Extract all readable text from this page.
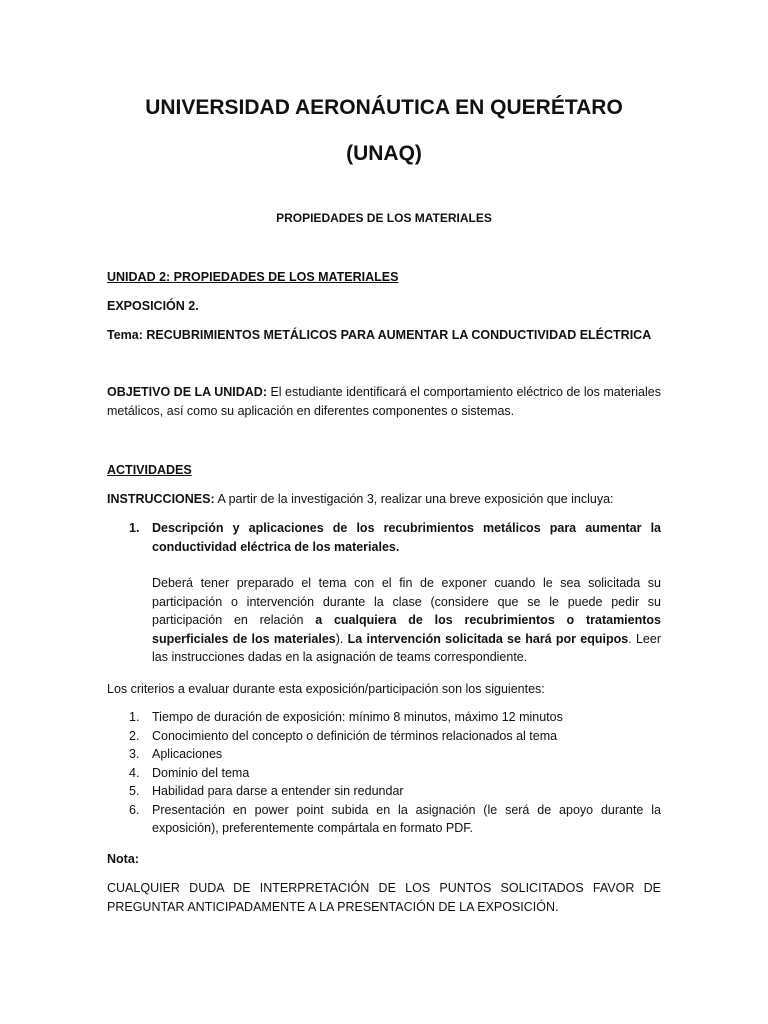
UNIVERSIDAD AERONÁUTICA EN QUERÉTARO
(UNAQ)
PROPIEDADES DE LOS MATERIALES
UNIDAD 2: PROPIEDADES DE LOS MATERIALES
EXPOSICIÓN 2.
Tema: RECUBRIMIENTOS METÁLICOS PARA AUMENTAR LA CONDUCTIVIDAD ELÉCTRICA
OBJETIVO DE LA UNIDAD: El estudiante identificará el comportamiento eléctrico de los materiales metálicos, así como su aplicación en diferentes componentes o sistemas.
ACTIVIDADES
INSTRUCCIONES: A partir de la investigación 3, realizar una breve exposición que incluya:
1. Descripción y aplicaciones de los recubrimientos metálicos para aumentar la conductividad eléctrica de los materiales.
Deberá tener preparado el tema con el fin de exponer cuando le sea solicitada su participación o intervención durante la clase (considere que se le puede pedir su participación en relación a cualquiera de los recubrimientos o tratamientos superficiales de los materiales). La intervención solicitada se hará por equipos. Leer las instrucciones dadas en la asignación de teams correspondiente.
Los criterios a evaluar durante esta exposición/participación son los siguientes:
1. Tiempo de duración de exposición: mínimo 8 minutos, máximo 12 minutos
2. Conocimiento del concepto o definición de términos relacionados al tema
3. Aplicaciones
4. Dominio del tema
5. Habilidad para darse a entender sin redundar
6. Presentación en power point subida en la asignación (le será de apoyo durante la exposición), preferentemente compártala en formato PDF.
Nota:
CUALQUIER DUDA DE INTERPRETACIÓN DE LOS PUNTOS SOLICITADOS FAVOR DE PREGUNTAR ANTICIPADAMENTE A LA PRESENTACIÓN DE LA EXPOSICIÓN.
